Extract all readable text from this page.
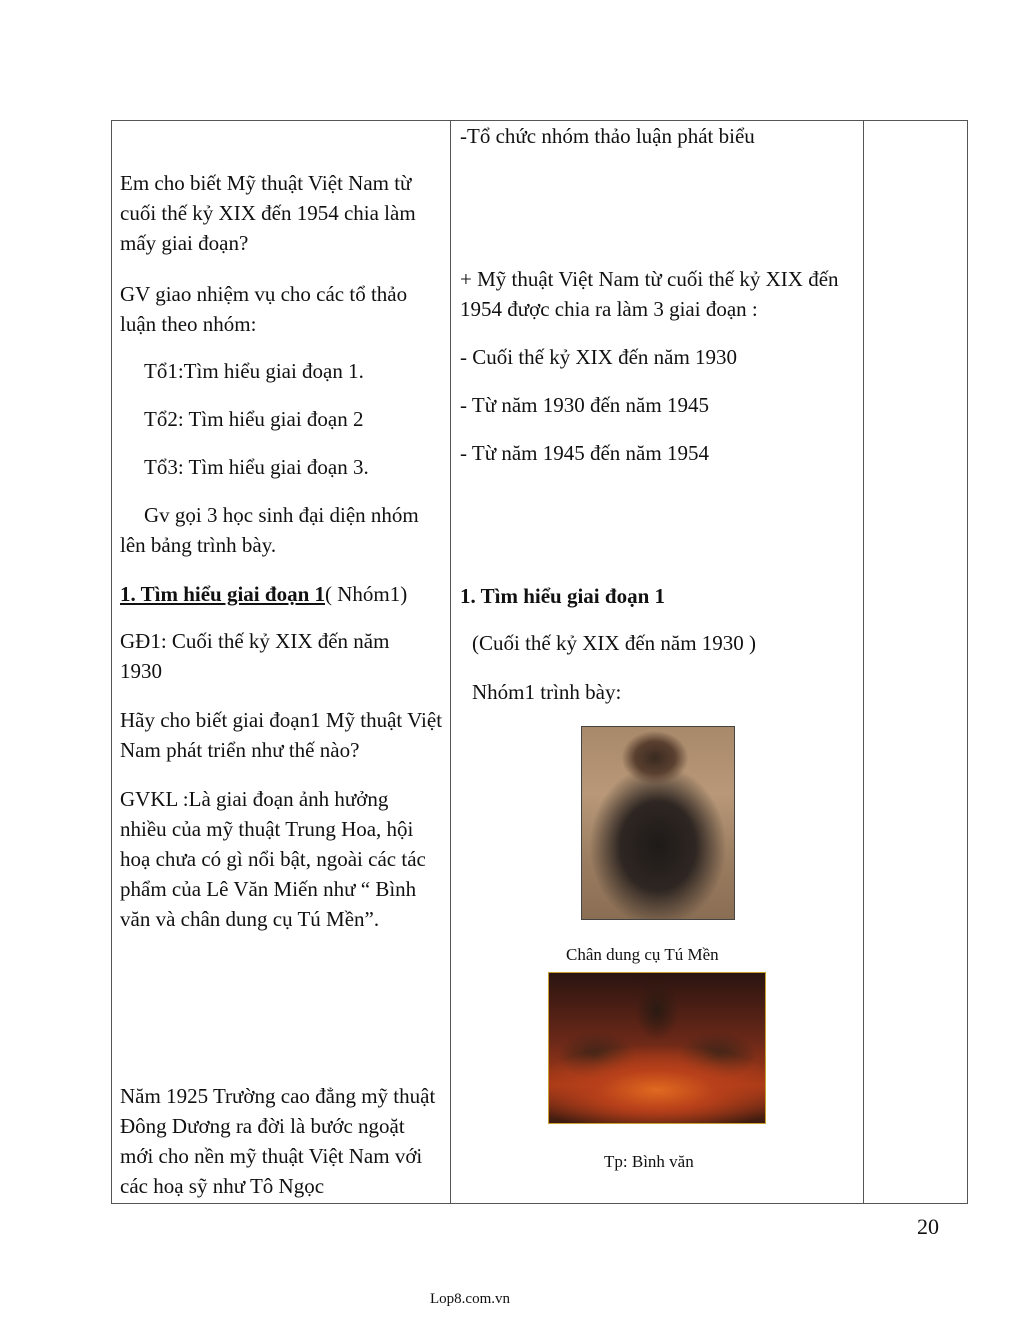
Em cho biết Mỹ thuật Việt Nam từ cuối thế kỷ XIX đến 1954 chia làm mấy giai đoạn?
GV giao nhiệm vụ cho các tổ thảo luận theo nhóm:
Tổ1:Tìm hiểu giai đoạn 1.
Tổ2: Tìm hiểu giai đoạn 2
Tổ3: Tìm hiểu giai đoạn 3.
Gv gọi 3 học sinh đại diện nhóm lên bảng trình bày.
1. Tìm hiểu giai đoạn 1( Nhóm1)
GĐ1: Cuối thế kỷ XIX đến năm 1930
Hãy cho biết giai đoạn1 Mỹ thuật Việt Nam phát triển như thế nào?
GVKL :Là giai đoạn ảnh hưởng nhiều của mỹ thuật Trung Hoa, hội hoạ chưa có gì nổi bật, ngoài các tác phẩm của Lê Văn Miến như “ Bình văn và chân dung cụ Tú Mền”.
Năm 1925 Trường cao đẳng mỹ thuật Đông Dương ra đời là bước ngoặt mới cho nền mỹ thuật Việt Nam với các hoạ sỹ như Tô Ngọc
-Tổ chức nhóm thảo luận phát biểu
+ Mỹ thuật Việt Nam từ cuối thế kỷ XIX đến 1954 được chia ra làm 3 giai đoạn :
- Cuối thế kỷ XIX đến năm 1930
- Từ năm 1930 đến năm 1945
- Từ năm 1945 đến năm 1954
1. Tìm hiểu giai đoạn 1
(Cuối thế kỷ XIX đến năm 1930 )
Nhóm1 trình bày:
Chân dung cụ Tú Mền
Tp: Bình văn
20
Lop8.com.vn
